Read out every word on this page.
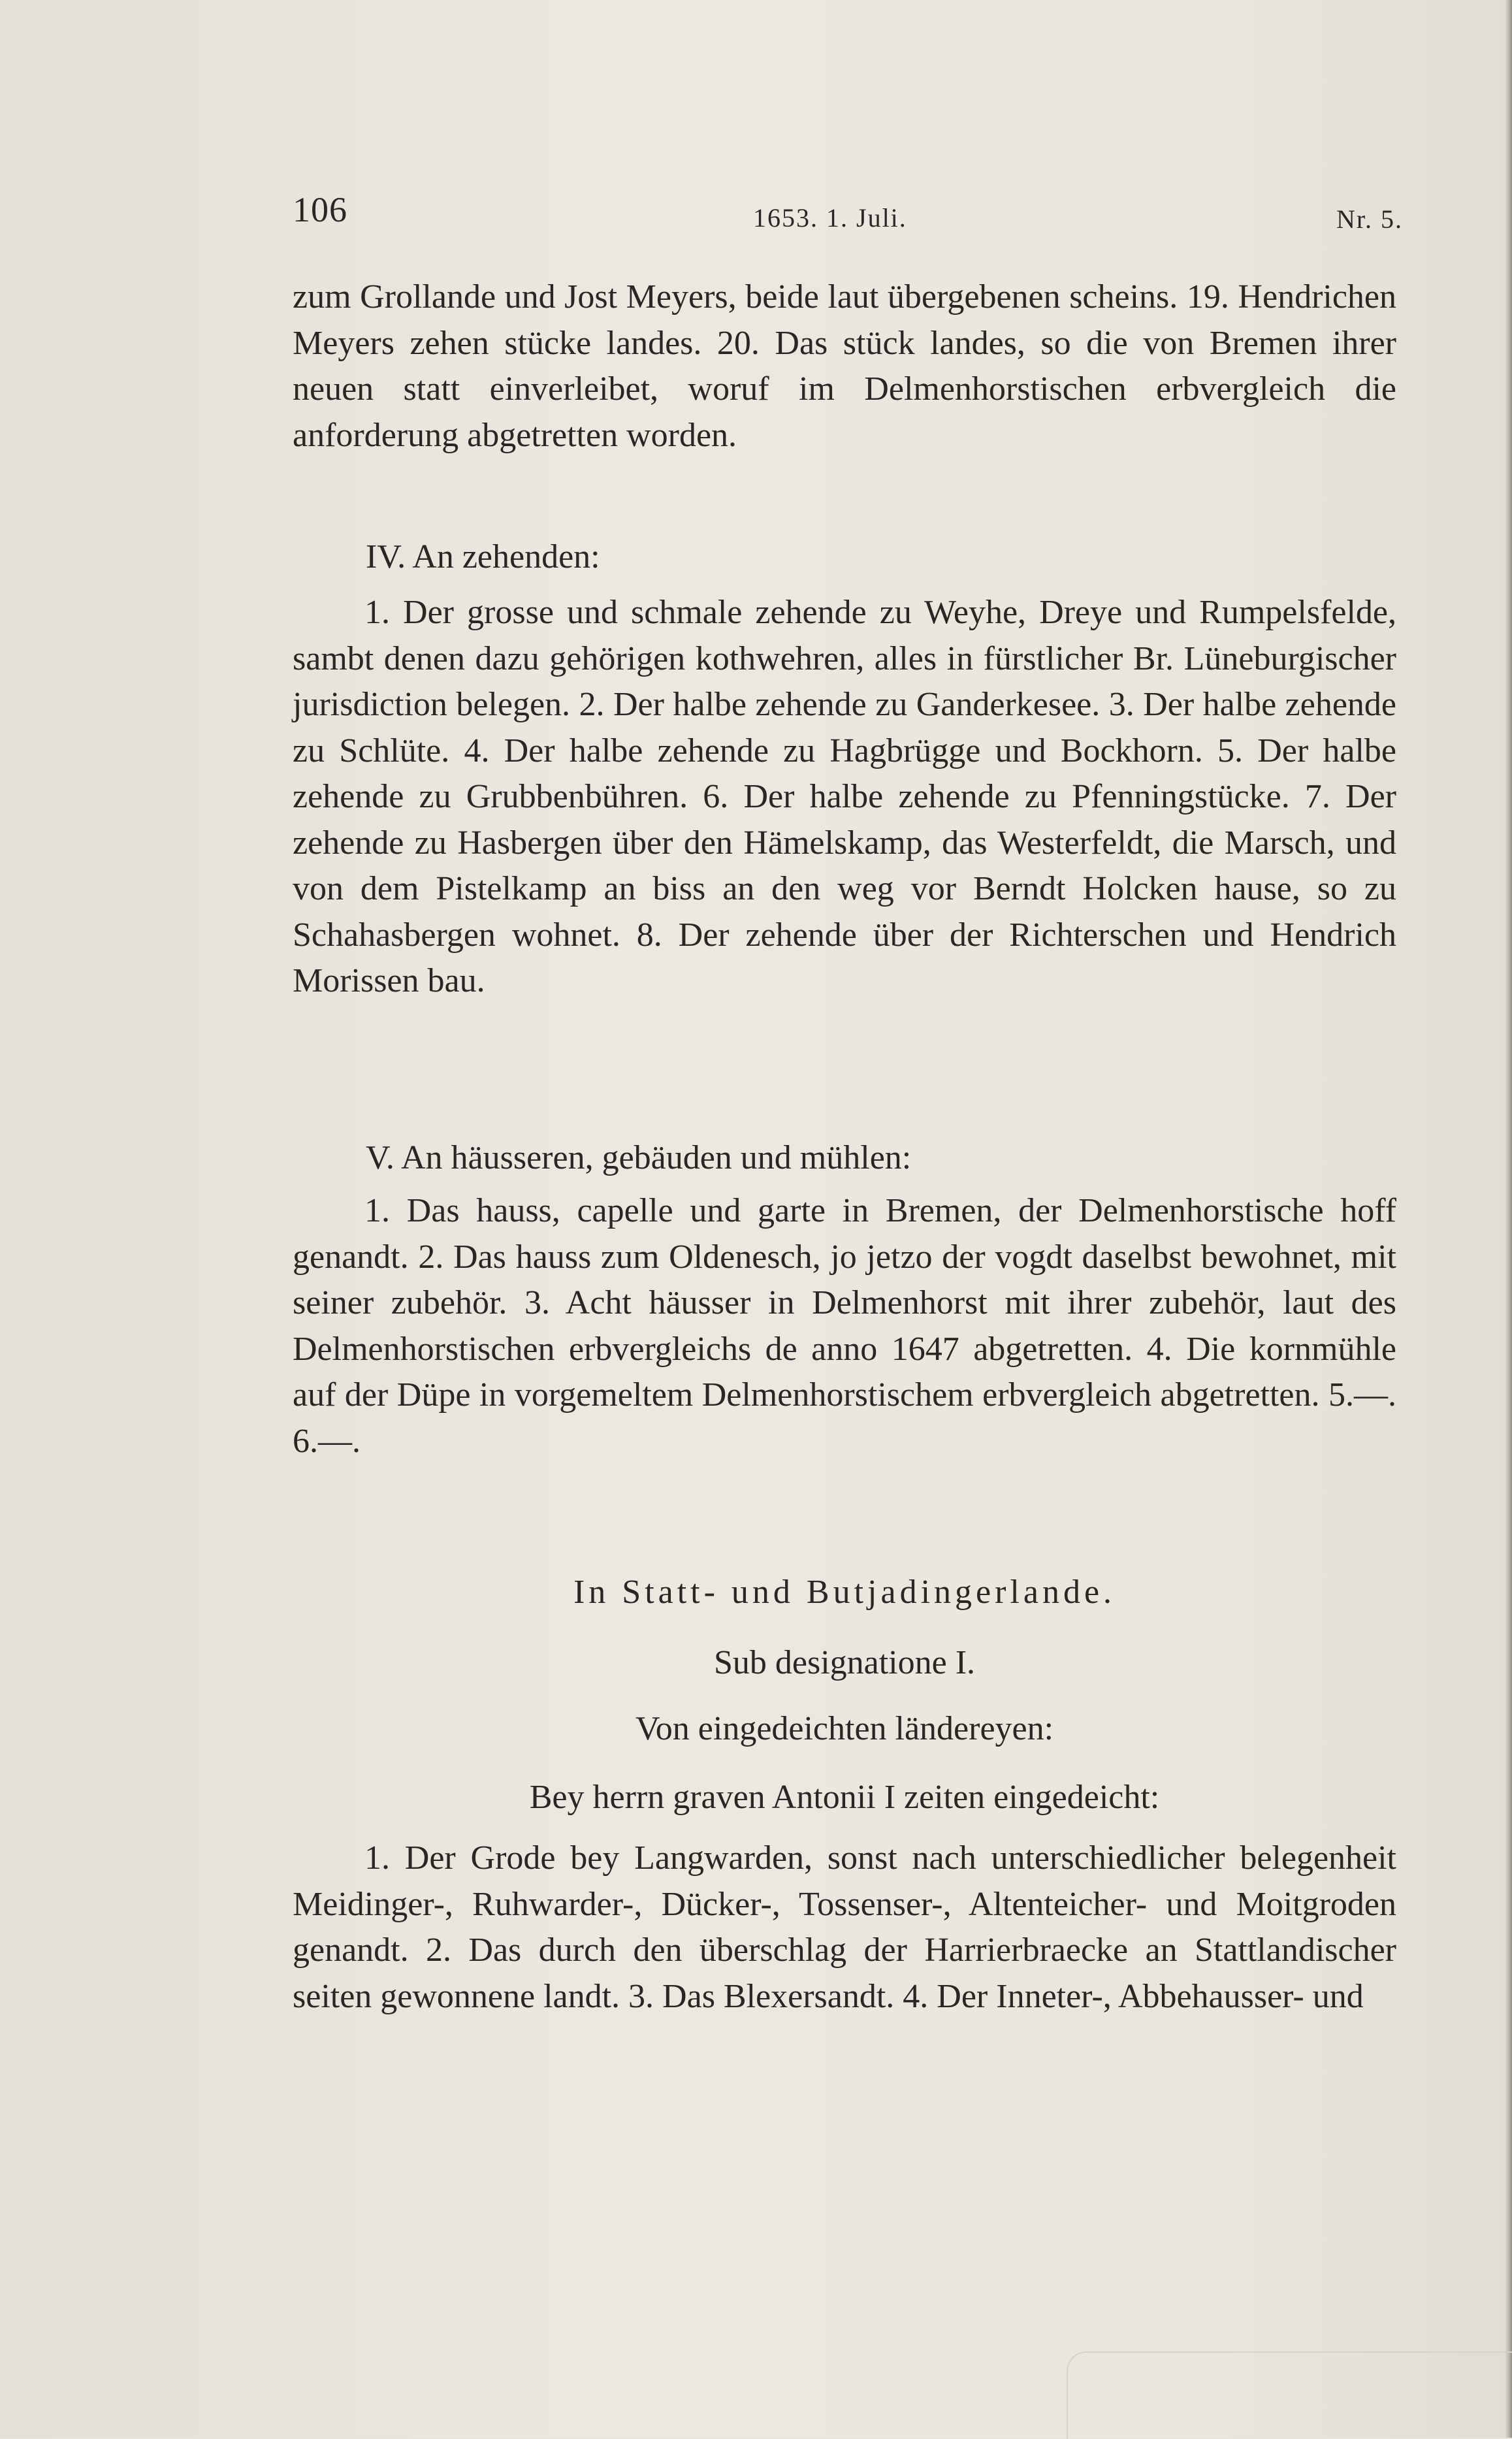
106	1653. 1. Juli.	Nr. 5.
zum Grollande und Jost Meyers, beide laut übergebenen scheins. 19. Hendrichen Meyers zehen stücke landes. 20. Das stück landes, so die von Bremen ihrer neuen statt einverleibet, woruf im Delmenhorstischen erbvergleich die anforderung abgetretten worden.
IV. An zehenden:
1. Der grosse und schmale zehende zu Weyhe, Dreye und Rumpelsfelde, sambt denen dazu gehörigen kothwehren, alles in fürstlicher Br. Lüneburgischer jurisdiction belegen. 2. Der halbe zehende zu Ganderkesee. 3. Der halbe zehende zu Schlüte. 4. Der halbe zehende zu Hagbrügge und Bockhorn. 5. Der halbe zehende zu Grubbenbühren. 6. Der halbe zehende zu Pfenningstücke. 7. Der zehende zu Hasbergen über den Hämelskamp, das Westerfeldt, die Marsch, und von dem Pistelkamp an biss an den weg vor Berndt Holcken hause, so zu Schahasbergen wohnet. 8. Der zehende über der Richterschen und Hendrich Morissen bau.
V. An häusseren, gebäuden und mühlen:
1. Das hauss, capelle und garte in Bremen, der Delmenhorstische hoff genandt. 2. Das hauss zum Oldenesch, jo jetzo der vogdt daselbst bewohnet, mit seiner zubehör. 3. Acht häusser in Delmenhorst mit ihrer zubehör, laut des Delmenhorstischen erbvergleichs de anno 1647 abgetretten. 4. Die kornmühle auf der Düpe in vorgemeltem Delmenhorstischem erbvergleich abgetretten. 5.—. 6.—.
In Statt- und Butjadingerlande.
Sub designatione I.
Von eingedeichten ländereyen:
Bey herrn graven Antonii I zeiten eingedeicht:
1. Der Grode bey Langwarden, sonst nach unterschiedlicher belegenheit Meidinger-, Ruhwarder-, Dücker-, Tossenser-, Altenteicher- und Moitgroden genandt. 2. Das durch den überschlag der Harrierbraecke an Stattlandischer seiten gewonnene landt. 3. Das Blexersandt. 4. Der Inneter-, Abbehausser- und
